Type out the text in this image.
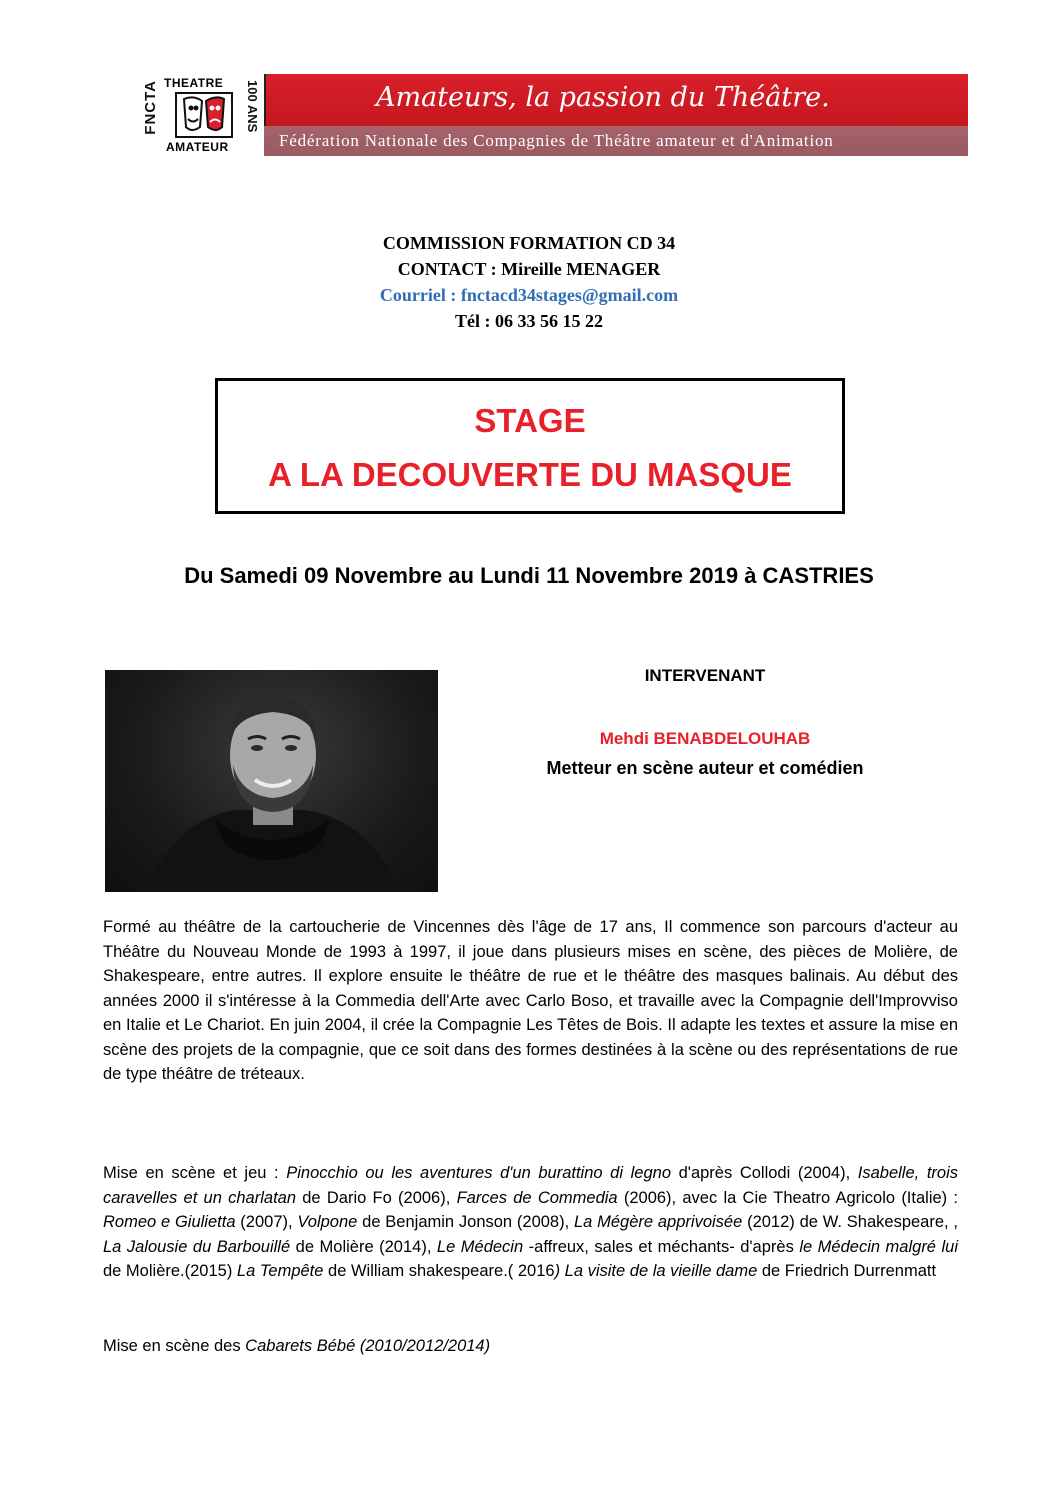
FNCTA THEATRE
AMATEUR
100 ANS	Amateurs, la passion du Théâtre.
Fédération Nationale des Compagnies de Théâtre amateur et d'Animation
COMMISSION FORMATION CD 34
CONTACT : Mireille MENAGER
Courriel : fnctacd34stages@gmail.com
Tél : 06 33 56 15 22
STAGE
A LA DECOUVERTE DU MASQUE
Du Samedi 09 Novembre au Lundi 11 Novembre 2019 à CASTRIES
INTERVENANT
Mehdi BENABDELOUHAB
Metteur en scène auteur et comédien
Formé au théâtre de la cartoucherie de Vincennes dès l'âge de 17 ans, Il commence son parcours d'acteur au Théâtre du Nouveau Monde de 1993 à 1997, il joue dans plusieurs mises en scène, des pièces de Molière, de Shakespeare, entre autres. Il explore ensuite le théâtre de rue et le théâtre des masques balinais. Au début des années 2000 il s'intéresse à la Commedia dell'Arte avec Carlo Boso, et travaille avec la Compagnie dell'Improvviso en Italie et Le Chariot. En juin 2004, il crée la Compagnie Les Têtes de Bois. Il adapte les textes et assure la mise en scène des projets de la compagnie, que ce soit dans des formes destinées à la scène ou des représentations de rue de type théâtre de tréteaux.
Mise en scène et jeu : Pinocchio ou les aventures d'un burattino di legno d'après Collodi (2004), Isabelle, trois caravelles et un charlatan de Dario Fo (2006), Farces de Commedia (2006), avec la Cie Theatro Agricolo (Italie) : Romeo e Giulietta (2007), Volpone de Benjamin Jonson (2008), La Mégère apprivoisée (2012) de W. Shakespeare, , La Jalousie du Barbouillé de Molière (2014), Le Médecin -affreux, sales et méchants- d'après le Médecin malgré lui de Molière.(2015) La Tempête de William shakespeare.( 2016) La visite de la vieille dame de Friedrich Durrenmatt
Mise en scène des Cabarets Bébé (2010/2012/2014)
